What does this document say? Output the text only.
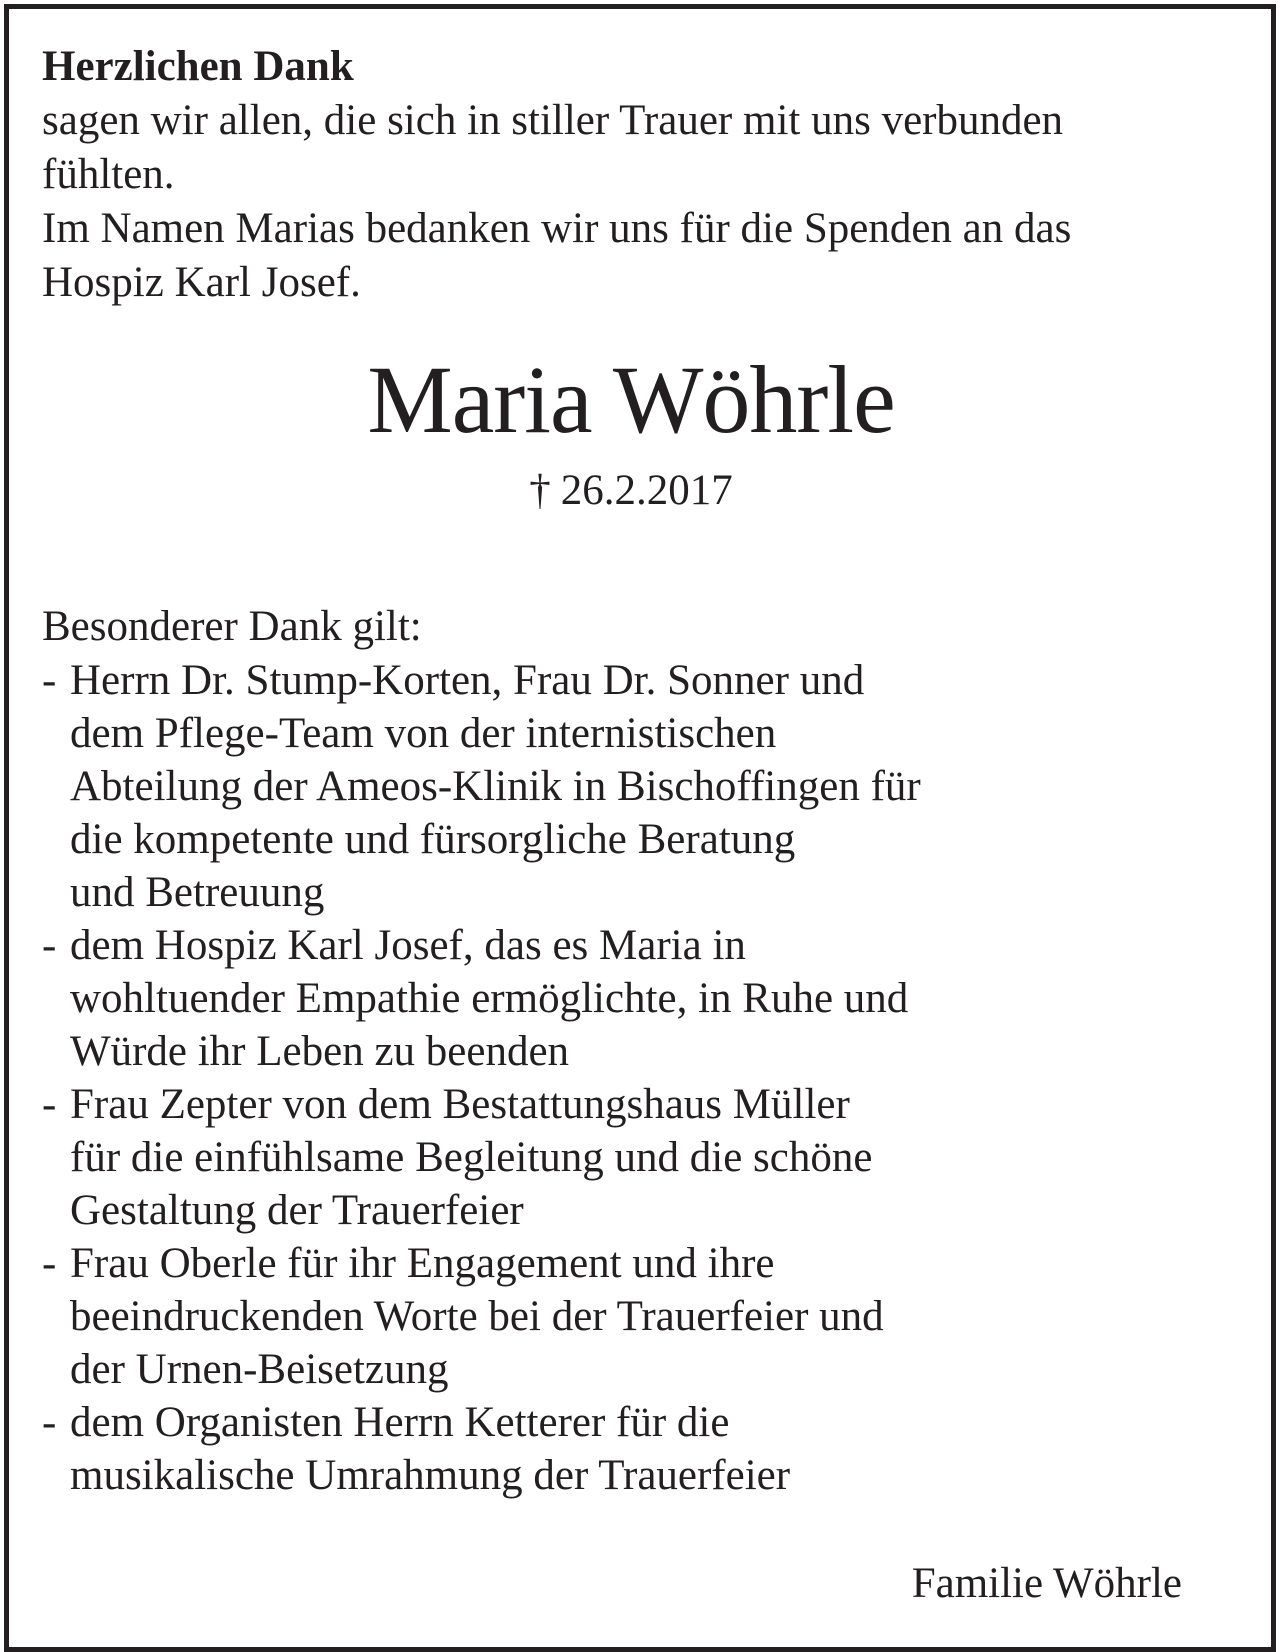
Herzlichen Dank

sagen wir allen, die sich in stiller Trauer mit uns verbunden

fühlten.

Im Namen Marias bedanken wir uns für die Spenden an das

Hospiz Karl Josef.

Maria Wöhrle
† 26.2.2017
Besonderer Dank gilt:
- Herrn Dr. Stump-Korten, Frau Dr. Sonner und
dem Pflege-Team von der internistischen
Abteilung der Ameos-Klinik in Bischoffingen für
die kompetente und fürsorgliche Beratung
und Betreuung
- dem Hospiz Karl Josef, das es Maria in
wohltuender Empathie ermöglichte, in Ruhe und
Würde ihr Leben zu beenden
- Frau Zepter von dem Bestattungshaus Müller
für die einfühlsame Begleitung und die schöne
Gestaltung der Trauerfeier
- Frau Oberle für ihr Engagement und ihre
beeindruckenden Worte bei der Trauerfeier und
der Urnen-Beisetzung
- dem Organisten Herrn Ketterer für die
musikalische Umrahmung der Trauerfeier
Familie Wöhrle
